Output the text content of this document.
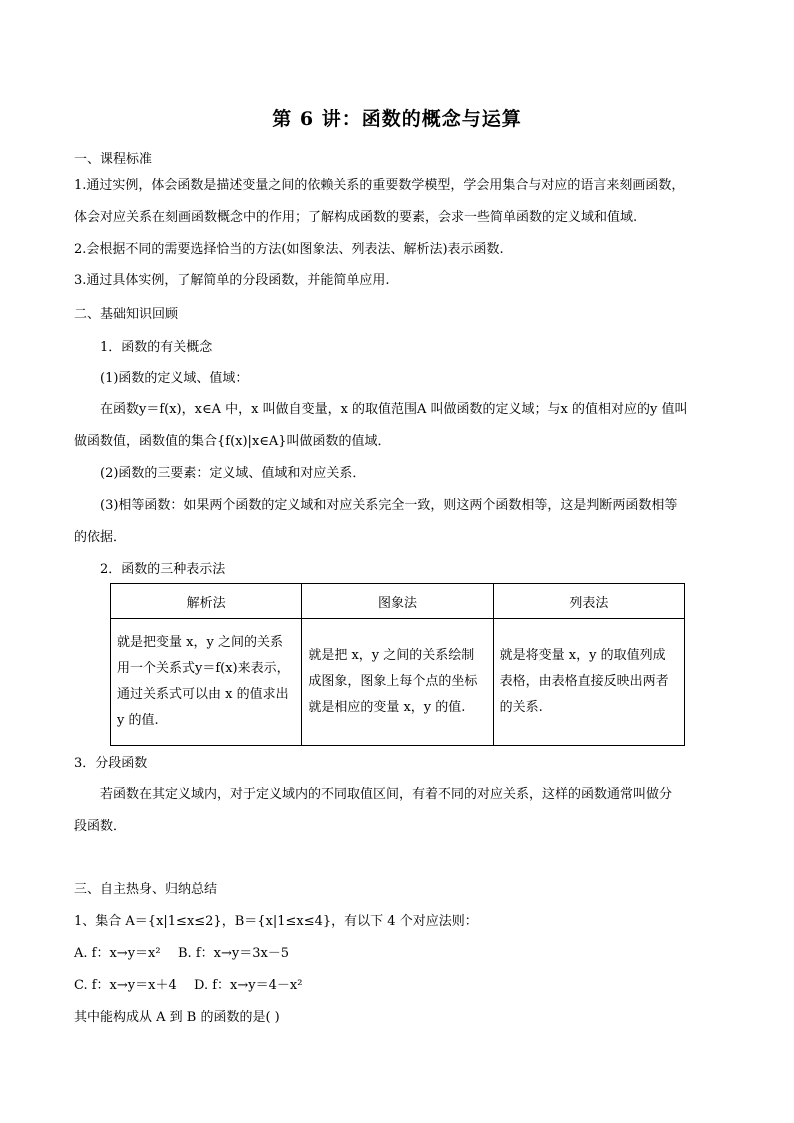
第 6 讲：函数的概念与运算
一、课程标准
1.通过实例，体会函数是描述变量之间的依赖关系的重要数学模型，学会用集合与对应的语言来刻画函数，
体会对应关系在刻画函数概念中的作用；了解构成函数的要素，会求一些简单函数的定义域和值域.
2.会根据不同的需要选择恰当的方法(如图象法、列表法、解析法)表示函数.
3.通过具体实例，了解简单的分段函数，并能简单应用.
二、基础知识回顾
1．函数的有关概念
(1)函数的定义域、值域：
在函数y＝f(x)，x∈A 中，x 叫做自变量，x 的取值范围A 叫做函数的定义域；与x 的值相对应的y 值叫
做函数值，函数值的集合{f(x)|x∈A}叫做函数的值域．
(2)函数的三要素：定义域、值域和对应关系．
(3)相等函数：如果两个函数的定义域和对应关系完全一致，则这两个函数相等，这是判断两函数相等
的依据．
2．函数的三种表示法
解析法	图象法	列表法
就是把变量 x，y 之间的关系用一个关系式y＝f(x)来表示，通过关系式可以由 x 的值求出y 的值.	就是把 x，y 之间的关系绘制成图象，图象上每个点的坐标就是相应的变量 x，y 的值.	就是将变量 x，y 的取值列成表格，由表格直接反映出两者的关系.
3．分段函数
若函数在其定义域内，对于定义域内的不同取值区间，有着不同的对应关系，这样的函数通常叫做分
段函数．
三、自主热身、归纳总结
1、集合 A＝{x|1≤x≤2}，B＝{x|1≤x≤4}，有以下 4 个对应法则：
A. f：x→y＝x² B. f：x→y＝3x－5
C. f：x→y＝x＋4 D. f：x→y＝4－x²
其中能构成从 A 到 B 的函数的是( )
